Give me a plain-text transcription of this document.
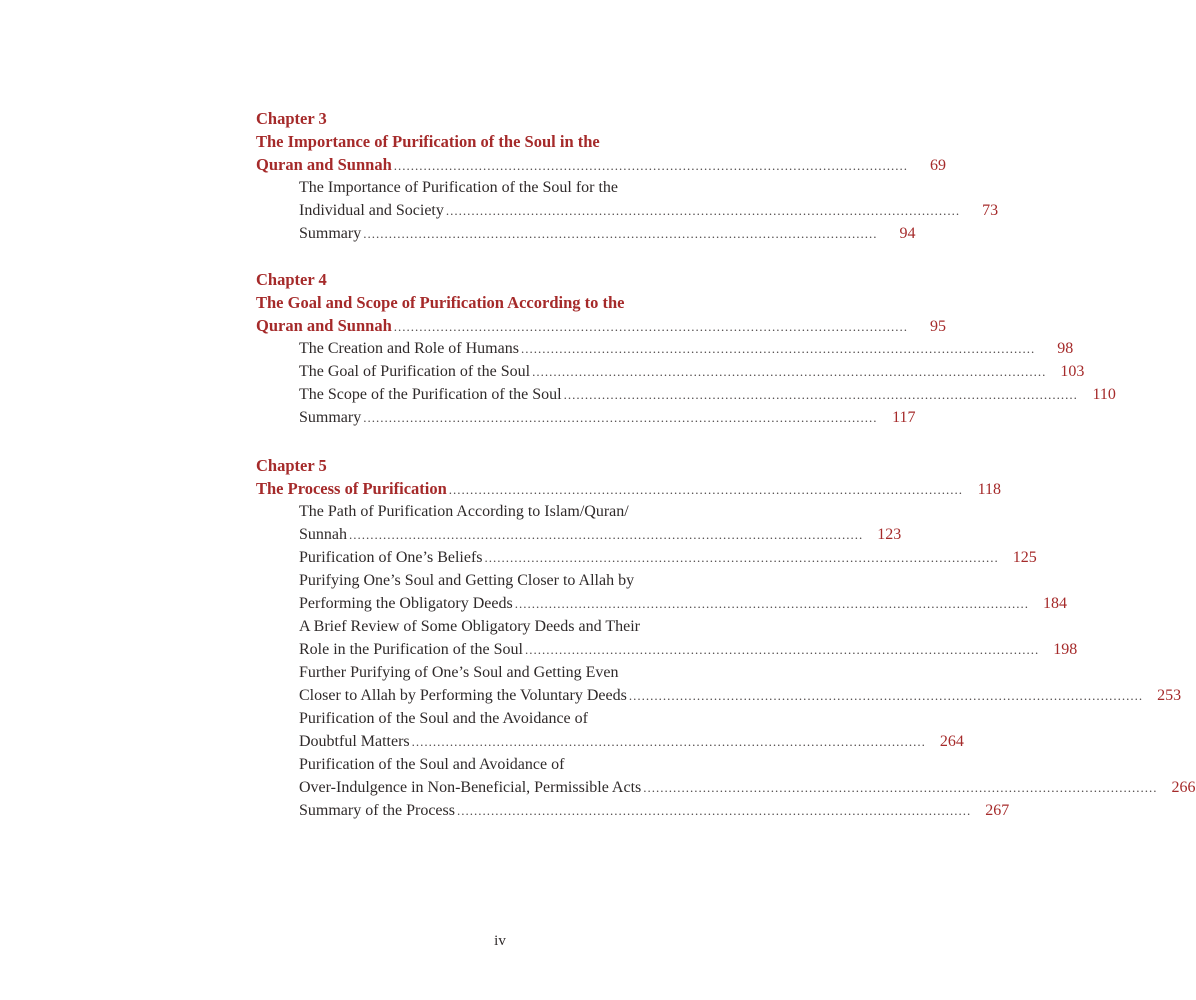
Chapter 3
The Importance of Purification of the Soul in the
Quran and Sunnah .........................................................................................................................	69
The Importance of Purification of the Soul for the
Individual and Society .........................................................................................................................	73
Summary .........................................................................................................................	94
Chapter 4
The Goal and Scope of Purification According to the
Quran and Sunnah .........................................................................................................................	95
The Creation and Role of Humans .........................................................................................................................	98
The Goal of Purification of the Soul ......................................................................................................................... 103
The Scope of the Purification of the Soul ......................................................................................................................... 110
Summary ......................................................................................................................... 117
Chapter 5
The Process of Purification ......................................................................................................................... 118
The Path of Purification According to Islam/Quran/
Sunnah ......................................................................................................................... 123
Purification of One’s Beliefs ......................................................................................................................... 125
Purifying One’s Soul and Getting Closer to Allah by
Performing the Obligatory Deeds ......................................................................................................................... 184
A Brief Review of Some Obligatory Deeds and Their
Role in the Purification of the Soul ......................................................................................................................... 198
Further Purifying of One’s Soul and Getting Even
Closer to Allah by Performing the Voluntary Deeds ......................................................................................................................... 253
Purification of the Soul and the Avoidance of
Doubtful Matters ......................................................................................................................... 264
Purification of the Soul and Avoidance of
Over-Indulgence in Non-Beneficial, Permissible Acts ......................................................................................................................... 266
Summary of the Process ......................................................................................................................... 267
iv
